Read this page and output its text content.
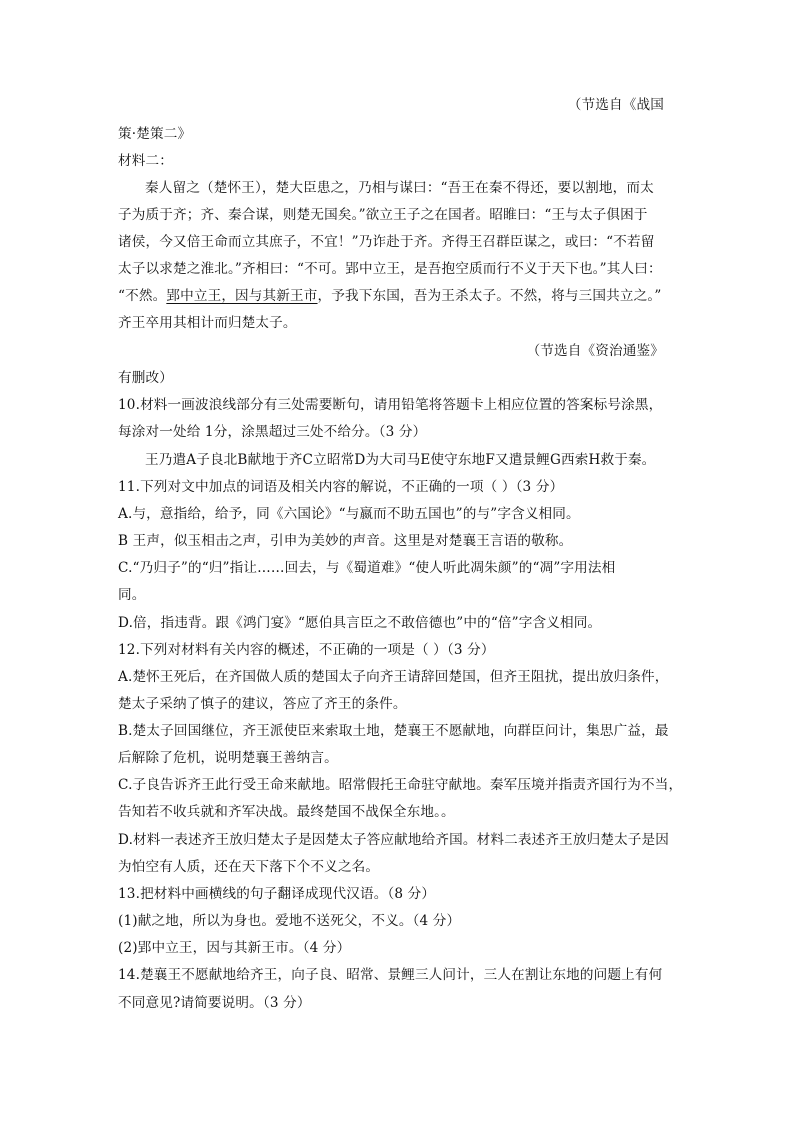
（节选自《战国
策·楚策二》
材料二：
秦人留之（楚怀王），楚大臣患之，乃相与谋曰：“吾王在秦不得还，要以割地，而太
子为质于齐；齐、秦合谋，则楚无国矣。”欲立王子之在国者。昭睢曰：“王与太子俱困于
诸侯，今又倍王命而立其庶子，不宜！”乃诈赴于齐。齐得王召群臣谋之，或曰：“不若留
太子以求楚之淮北。”齐相曰：“不可。郢中立王，是吾抱空质而行不义于天下也。”其人曰：
“不然。郢中立王，因与其新王市，予我下东国，吾为王杀太子。不然，将与三国共立之。”
齐王卒用其相计而归楚太子。
（节选自《资治通鉴》
有删改）
10.材料一画波浪线部分有三处需要断句，请用铅笔将答题卡上相应位置的答案标号涂黑，
每涂对一处给 1分，涂黑超过三处不给分。（3 分）
王乃遣A子良北B献地于齐C立昭常D为大司马E使守东地F又遣景鲤G西索H救于秦。
11.下列对文中加点的词语及相关内容的解说，不正确的一项（ ）（3 分）
A.与，意指给，给予，同《六国论》“与嬴而不助五国也”的与”字含义相同。
B 王声，似玉相击之声，引申为美妙的声音。这里是对楚襄王言语的敬称。
C.“乃归子”的“归”指让……回去，与《蜀道难》“使人听此凋朱颜”的“凋”字用法相
同。
D.倍，指违背。跟《鸿门宴》“愿伯具言臣之不敢倍德也”中的“倍”字含义相同。
12.下列对材料有关内容的概述，不正确的一项是（ ）（3 分）
A.楚怀王死后，在齐国做人质的楚国太子向齐王请辞回楚国，但齐王阻扰，提出放归条件，
楚太子采纳了慎子的建议，答应了齐王的条件。
B.楚太子回国继位，齐王派使臣来索取土地，楚襄王不愿献地，向群臣问计，集思广益，最
后解除了危机，说明楚襄王善纳言。
C.子良告诉齐王此行受王命来献地。昭常假托王命驻守献地。秦军压境并指责齐国行为不当，
告知若不收兵就和齐军决战。最终楚国不战保全东地。。
D.材料一表述齐王放归楚太子是因楚太子答应献地给齐国。材料二表述齐王放归楚太子是因
为怕空有人质，还在天下落下个不义之名。
13.把材料中画横线的句子翻译成现代汉语。（8 分）
(1)献之地，所以为身也。爱地不送死父，不义。（4 分）
(2)郢中立王，因与其新王市。（4 分）
14.楚襄王不愿献地给齐王，向子良、昭常、景鲤三人问计，三人在割让东地的问题上有何
不同意见?请简要说明。（3 分）
